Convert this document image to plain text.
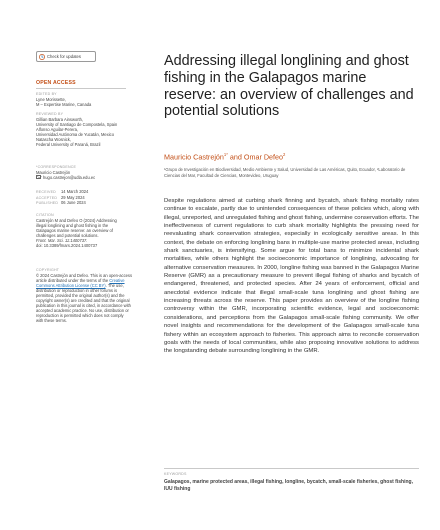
Check for updates
OPEN ACCESS
EDITED BY
Lyne Morissette,
M – Expertise Marine, Canada
REVIEWED BY
Gillian Barbara Ainsworth,
University of Santiago de Compostela, Spain
Alfonso Aguilar-Perera,
Universidad Autónoma de Yucatán, Mexico
Natascha Wosnick,
Federal University of Paraná, Brazil
*CORRESPONDENCE
Mauricio Castrejón
hugo.castrejon@udla.edu.ec
RECEIVED	14 March 2024
ACCEPTED 29 May 2024
PUBLISHED 06 June 2024
CITATION
Castrejón M and Defeo O (2024) Addressing
illegal longlining and ghost fishing in the
Galapagos marine reserve: an overview of
challenges and potential solutions.
Front. Mar. Sci. 11:1400737.
doi: 10.3389/fmars.2024.1400737
COPYRIGHT
© 2024 Castrejón and Defeo. This is an open-access article distributed under the terms of the Creative Commons Attribution License (CC BY). The use, distribution or reproduction in other forums is permitted, provided the original author(s) and the copyright owner(s) are credited and that the original publication in this journal is cited, in accordance with accepted academic practice. No use, distribution or reproduction is permitted which does not comply with these terms.
Addressing illegal longlining and ghost fishing in the Galapagos marine reserve: an overview of challenges and potential solutions
Mauricio Castrejón$^{1*}$ and Omar Defeo$^2$
¹Grupo de Investigación en Biodiversidad, Medio Ambiente y Salud, Universidad de Las Américas, Quito, Ecuador, ²Laboratorio de Ciencias del Mar, Facultad de Ciencias, Montevideo, Uruguay

Despite regulations aimed at curbing shark finning and bycatch, shark fishing mortality rates continue to escalate, partly due to unintended consequences of these policies which, along with illegal, unreported, and unregulated fishing and ghost fishing, undermine conservation efforts. The ineffectiveness of current regulations to curb shark mortality highlights the pressing need for reevaluating shark conservation strategies, especially in ecologically sensitive areas. In this context, the debate on enforcing longlining bans in multiple-use marine protected areas, including shark sanctuaries, is intensifying. Some argue for total bans to minimize incidental shark mortalities, while others highlight the socioeconomic importance of longlining, advocating for alternative conservation measures. In 2000, longline fishing was banned in the Galapagos Marine Reserve (GMR) as a precautionary measure to prevent illegal fishing of sharks and bycatch of endangered, threatened, and protected species. After 24 years of enforcement, official and anecdotal evidence indicate that illegal small-scale tuna longlining and ghost fishing are increasing threats across the reserve. This paper provides an overview of the longline fishing controversy within the GMR, incorporating scientific evidence, legal and socioeconomic considerations, and perceptions from the Galapagos small-scale fishing community. We offer novel insights and recommendations for the development of the Galapagos small-scale tuna fishery within an ecosystem approach to fisheries. This approach aims to reconcile conservation goals with the needs of local communities, while also proposing innovative solutions to address the longstanding debate surrounding longlining in the GMR.

KEYWORDS
Galapagos, marine protected areas, illegal fishing, longline, bycatch, small-scale fisheries, ghost fishing, IUU fishing
